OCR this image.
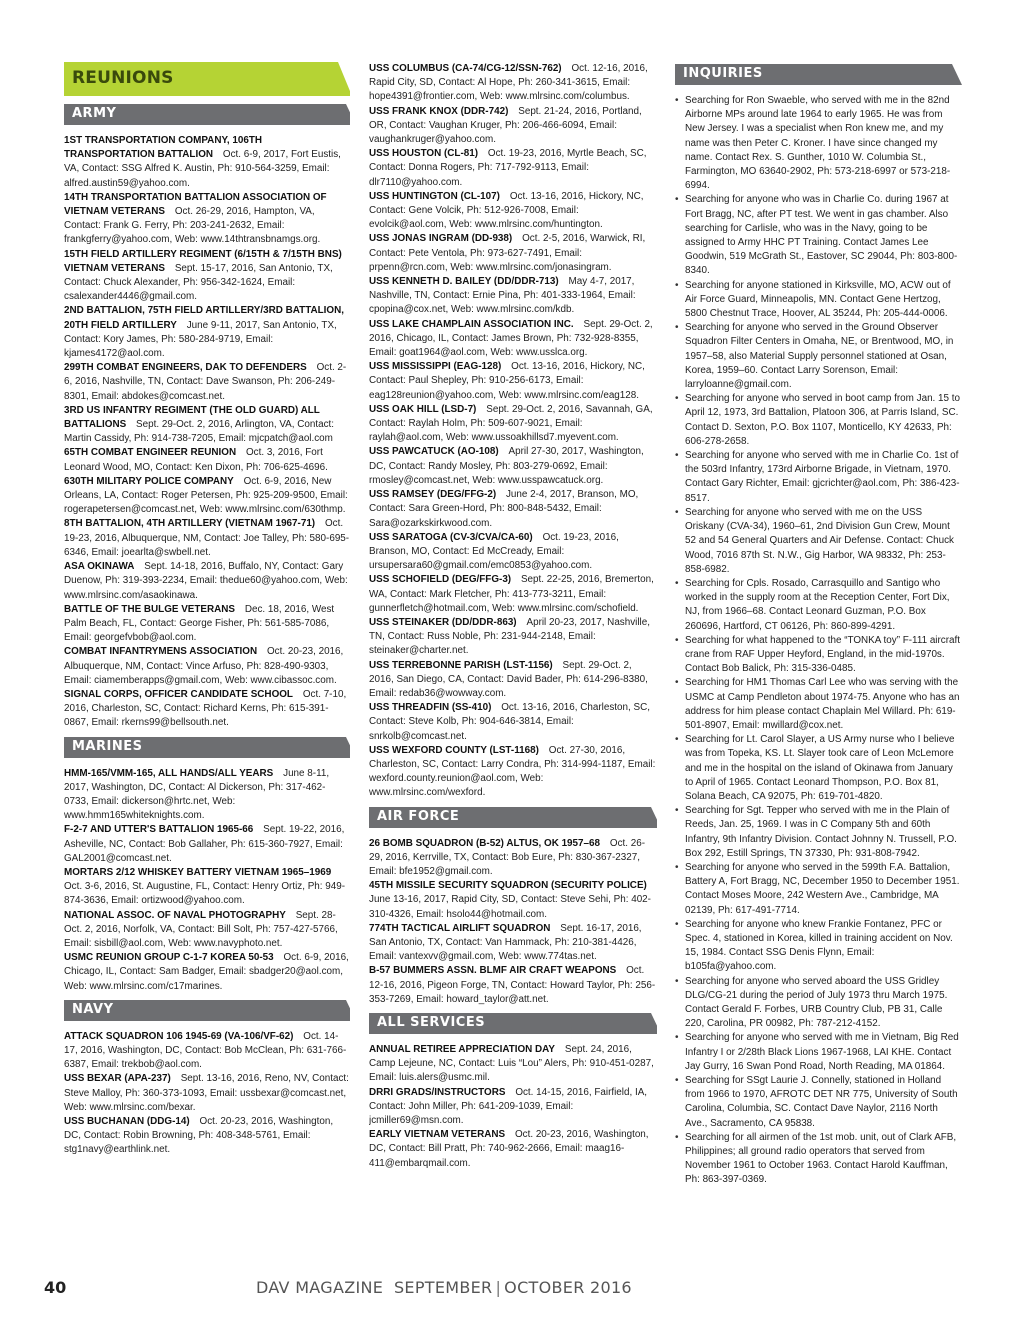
REUNIONS
ARMY

1ST TRANSPORTATION COMPANY, 106TH TRANSPORTATION BATTALION   Oct. 6-9, 2017, Fort Eustis, VA, Contact: SSG Alfred K. Austin, Ph: 910-564-3259, Email: alfred.austin59@yahoo.com.

14TH TRANSPORTATION BATTALION ASSOCIATION OF VIETNAM VETERANS   Oct. 26-29, 2016, Hampton, VA, Contact: Frank G. Ferry, Ph: 203-241-2632, Email: frankgferry@yahoo.com, Web: www.14thtransbnamgs.org.

15TH FIELD ARTILLERY REGIMENT (6/15TH & 7/15TH BNS) VIETNAM VETERANS   Sept. 15-17, 2016, San Antonio, TX, Contact: Chuck Alexander, Ph: 956-342-1624, Email: csalexander4446@gmail.com.

2ND BATTALION, 75TH FIELD ARTILLERY/3RD BATTALION, 20TH FIELD ARTILLERY   June 9-11, 2017, San Antonio, TX, Contact: Kory James, Ph: 580-284-9719, Email: kjames4172@aol.com.

299TH COMBAT ENGINEERS, DAK TO DEFENDERS   Oct. 2-6, 2016, Nashville, TN, Contact: Dave Swanson, Ph: 206-249-8301, Email: abdokes@comcast.net.

3RD US INFANTRY REGIMENT (THE OLD GUARD) ALL BATTALIONS   Sept. 29-Oct. 2, 2016, Arlington, VA, Contact: Martin Cassidy, Ph: 914-738-7205, Email: mjcpatch@aol.com

65TH COMBAT ENGINEER REUNION   Oct. 3, 2016, Fort Leonard Wood, MO, Contact: Ken Dixon, Ph: 706-625-4696.

630TH MILITARY POLICE COMPANY   Oct. 6-9, 2016, New Orleans, LA, Contact: Roger Petersen, Ph: 925-209-9500, Email: rogerapetersen@comcast.net, Web: www.mlrsinc.com/630thmp.

8TH BATTALION, 4TH ARTILLERY (VIETNAM 1967-71)   Oct. 19-23, 2016, Albuquerque, NM, Contact: Joe Talley, Ph: 580-695-6346, Email: joearlta@swbell.net.

ASA OKINAWA   Sept. 14-18, 2016, Buffalo, NY, Contact: Gary Duenow, Ph: 319-393-2234, Email: thedue60@yahoo.com, Web: www.mlrsinc.com/asaokinawa.

BATTLE OF THE BULGE VETERANS   Dec. 18, 2016, West Palm Beach, FL, Contact: George Fisher, Ph: 561-585-7086, Email: georgefvbob@aol.com.

COMBAT INFANTRYMENS ASSOCIATION   Oct. 20-23, 2016, Albuquerque, NM, Contact: Vince Arfuso, Ph: 828-490-9303, Email: ciamemberapps@gmail.com, Web: www.cibassoc.com.

SIGNAL CORPS, OFFICER CANDIDATE SCHOOL   Oct. 7-10, 2016, Charleston, SC, Contact: Richard Kerns, Ph: 615-391-0867, Email: rkerns99@bellsouth.net.

MARINES

HMM-165/VMM-165, ALL HANDS/ALL YEARS   June 8-11, 2017, Washington, DC, Contact: Al Dickerson, Ph: 317-462-0733, Email: dickerson@hrtc.net, Web: www.hmm165whiteknights.com.

F-2-7 AND UTTER'S BATTALION 1965-66   Sept. 19-22, 2016, Asheville, NC, Contact: Bob Gallaher, Ph: 615-360-7927, Email: GAL2001@comcast.net.

MORTARS 2/12 WHISKEY BATTERY VIETNAM 1965–1969  Oct. 3-6, 2016, St. Augustine, FL, Contact: Henry Ortiz, Ph: 949-874-3636, Email: ortizwood@yahoo.com.

NATIONAL ASSOC. OF NAVAL PHOTOGRAPHY   Sept. 28-Oct. 2, 2016, Norfolk, VA, Contact: Bill Solt, Ph: 757-427-5766, Email: sisbill@aol.com, Web: www.navyphoto.net.

USMC REUNION GROUP C-1-7 KOREA 50-53   Oct. 6-9, 2016, Chicago, IL, Contact: Sam Badger, Email: sbadger20@aol.com, Web: www.mlrsinc.com/c17marines.

NAVY

ATTACK SQUADRON 106 1945-69 (VA-106/VF-62)   Oct. 14-17, 2016, Washington, DC, Contact: Bob McClean, Ph: 631-766-6387, Email: trekbob@aol.com.

USS BEXAR (APA-237)   Sept. 13-16, 2016, Reno, NV, Contact: Steve Malloy, Ph: 360-373-1093, Email: ussbexar@comcast.net, Web: www.mlrsinc.com/bexar.

USS BUCHANAN (DDG-14)   Oct. 20-23, 2016, Washington, DC, Contact: Robin Browning, Ph: 408-348-5761, Email: stg1navy@earthlink.net.

USS COLUMBUS (CA-74/CG-12/SSN-762)   Oct. 12-16, 2016, Rapid City, SD, Contact: Al Hope, Ph: 260-341-3615, Email: hope4391@frontier.com, Web: www.mlrsinc.com/columbus.

USS FRANK KNOX (DDR-742)   Sept. 21-24, 2016, Portland, OR, Contact: Vaughan Kruger, Ph: 206-466-6094, Email: vaughankruger@yahoo.com.

USS HOUSTON (CL-81)   Oct. 19-23, 2016, Myrtle Beach, SC, Contact: Donna Rogers, Ph: 717-792-9113, Email: dlr7110@yahoo.com.

USS HUNTINGTON (CL-107)   Oct. 13-16, 2016, Hickory, NC, Contact: Gene Volcik, Ph: 512-926-7008, Email: evolcik@aol.com, Web: www.mlrsinc.com/huntington.

USS JONAS INGRAM (DD-938)   Oct. 2-5, 2016, Warwick, RI, Contact: Pete Ventola, Ph: 973-627-7491, Email: prpenn@rcn.com, Web: www.mlrsinc.com/jonasingram.

USS KENNETH D. BAILEY (DD/DDR-713)   May 4-7, 2017, Nashville, TN, Contact: Ernie Pina, Ph: 401-333-1964, Email: cpopina@cox.net, Web: www.mlrsinc.com/kdb.

USS LAKE CHAMPLAIN ASSOCIATION INC.   Sept. 29-Oct. 2, 2016, Chicago, IL, Contact: James Brown, Ph: 732-928-8355, Email: goat1964@aol.com, Web: www.usslca.org.

USS MISSISSIPPI (EAG-128)   Oct. 13-16, 2016, Hickory, NC, Contact: Paul Shepley, Ph: 910-256-6173, Email: eag128reunion@yahoo.com, Web: www.mlrsinc.com/eag128.

USS OAK HILL (LSD-7)   Sept. 29-Oct. 2, 2016, Savannah, GA, Contact: Raylah Holm, Ph: 509-607-9021, Email: raylah@aol.com, Web: www.ussoakhillsd7.myevent.com.

USS PAWCATUCK (AO-108)   April 27-30, 2017, Washington, DC, Contact: Randy Mosley, Ph: 803-279-0692, Email: rmosley@comcast.net, Web: www.usspawcatuck.org.

USS RAMSEY (DEG/FFG-2)   June 2-4, 2017, Branson, MO, Contact: Sara Green-Hord, Ph: 800-848-5432, Email: Sara@ozarkskirkwood.com.

USS SARATOGA (CV-3/CVA/CA-60)   Oct. 19-23, 2016, Branson, MO, Contact: Ed McCready, Email: ursupersara60@gmail.com/emc0853@yahoo.com.

USS SCHOFIELD (DEG/FFG-3)   Sept. 22-25, 2016, Bremerton, WA, Contact: Mark Fletcher, Ph: 413-773-3211, Email: gunnerfletch@hotmail.com, Web: www.mlrsinc.com/schofield.

USS STEINAKER (DD/DDR-863)   April 20-23, 2017, Nashville, TN, Contact: Russ Noble, Ph: 231-944-2148, Email: steinaker@charter.net.

USS TERREBONNE PARISH (LST-1156)   Sept. 29-Oct. 2, 2016, San Diego, CA, Contact: David Bader, Ph: 614-296-8380, Email: redab36@wowway.com.

USS THREADFIN (SS-410)   Oct. 13-16, 2016, Charleston, SC, Contact: Steve Kolb, Ph: 904-646-3814, Email: snrkolb@comcast.net.

USS WEXFORD COUNTY (LST-1168)   Oct. 27-30, 2016, Charleston, SC, Contact: Larry Condra, Ph: 314-994-1187, Email: wexford.county.reunion@aol.com, Web: www.mlrsinc.com/wexford.

AIR FORCE

26 BOMB SQUADRON (B-52) ALTUS, OK 1957–68   Oct. 26-29, 2016, Kerrville, TX, Contact: Bob Eure, Ph: 830-367-2327, Email: bfe1952@gmail.com.

45TH MISSILE SECURITY SQUADRON (SECURITY POLICE)  June 13-16, 2017, Rapid City, SD, Contact: Steve Sehi, Ph: 402-310-4326, Email: hsolo44@hotmail.com.

774TH TACTICAL AIRLIFT SQUADRON   Sept. 16-17, 2016, San Antonio, TX, Contact: Van Hammack, Ph: 210-381-4426, Email: vantexvv@gmail.com, Web: www.774tas.net.

B-57 BUMMERS ASSN. BLMF AIR CRAFT WEAPONS   Oct. 12-16, 2016, Pigeon Forge, TN, Contact: Howard Taylor, Ph: 256-353-7269, Email: howard_taylor@att.net.

ALL SERVICES

ANNUAL RETIREE APPRECIATION DAY   Sept. 24, 2016, Camp Lejeune, NC, Contact: Luis “Lou” Alers, Ph: 910-451-0287, Email: luis.alers@usmc.mil.

DRRI GRADS/INSTRUCTORS   Oct. 14-15, 2016, Fairfield, IA, Contact: John Miller, Ph: 641-209-1039, Email: jcmiller69@msn.com.

EARLY VIETNAM VETERANS   Oct. 20-23, 2016, Washington, DC, Contact: Bill Pratt, Ph: 740-962-2666, Email: maag16-411@embarqmail.com.

INQUIRIES
• Searching for Ron Swaeble, who served with me in the 82nd Airborne MPs around late 1964 to early 1965. He was from New Jersey. I was a specialist when Ron knew me, and my name was then Peter C. Kroner. I have since changed my name. Contact Rex. S. Gunther, 1010 W. Columbia St., Farmington, MO 63640-2902, Ph: 573-218-6997 or 573-218-6994.
• Searching for anyone who was in Charlie Co. during 1967 at Fort Bragg, NC, after PT test. We went in gas chamber. Also searching for Carlisle, who was in the Navy, going to be assigned to Army HHC PT Training. Contact James Lee Goodwin, 519 McGrath St., Eastover, SC 29044, Ph: 803-800-8340.
• Searching for anyone stationed in Kirksville, MO, ACW out of Air Force Guard, Minneapolis, MN. Contact Gene Hertzog, 5800 Chestnut Trace, Hoover, AL 35244, Ph: 205-444-0006.
• Searching for anyone who served in the Ground Observer Squadron Filter Centers in Omaha, NE, or Brentwood, MO, in 1957–58, also Material Supply personnel stationed at Osan, Korea, 1959–60. Contact Larry Sorenson, Email: larryloanne@gmail.com.
• Searching for anyone who served in boot camp from Jan. 15 to April 12, 1973, 3rd Battalion, Platoon 306, at Parris Island, SC. Contact D. Sexton, P.O. Box 1107, Monticello, KY 42633, Ph: 606-278-2658.
• Searching for anyone who served with me in Charlie Co. 1st of the 503rd Infantry, 173rd Airborne Brigade, in Vietnam, 1970. Contact Gary Richter, Email: gjcrichter@aol.com, Ph: 386-423-8517.
• Searching for anyone who served with me on the USS Oriskany (CVA-34), 1960–61, 2nd Division Gun Crew, Mount 52 and 54 General Quarters and Air Defense. Contact: Chuck Wood, 7016 87th St. N.W., Gig Harbor, WA 98332, Ph: 253-858-6982.
• Searching for Cpls. Rosado, Carrasquillo and Santigo who worked in the supply room at the Reception Center, Fort Dix, NJ, from 1966–68. Contact Leonard Guzman, P.O. Box 260696, Hartford, CT 06126, Ph: 860-899-4291.
• Searching for what happened to the “TONKA toy” F-111 aircraft crane from RAF Upper Heyford, England, in the mid-1970s. Contact Bob Balick, Ph: 315-336-0485.
• Searching for HM1 Thomas Carl Lee who was serving with the USMC at Camp Pendleton about 1974-75. Anyone who has an address for him please contact Chaplain Mel Willard. Ph: 619-501-8907, Email: mwillard@cox.net.
• Searching for Lt. Carol Slayer, a US Army nurse who I believe was from Topeka, KS. Lt. Slayer took care of Leon McLemore and me in the hospital on the island of Okinawa from January to April of 1965. Contact Leonard Thompson, P.O. Box 81, Solana Beach, CA 92075, Ph: 619-701-4820.
• Searching for Sgt. Tepper who served with me in the Plain of Reeds, Jan. 25, 1969. I was in C Company 5th and 60th Infantry, 9th Infantry Division. Contact Johnny N. Trussell, P.O. Box 292, Estill Springs, TN 37330, Ph: 931-808-7942.
• Searching for anyone who served in the 599th F.A. Battalion, Battery A, Fort Bragg, NC, December 1950 to December 1951. Contact Moses Moore, 242 Western Ave., Cambridge, MA 02139, Ph: 617-491-7714.
• Searching for anyone who knew Frankie Fontanez, PFC or Spec. 4, stationed in Korea, killed in training accident on Nov. 15, 1984. Contact SSG Denis Flynn, Email: b105fa@yahoo.com.
• Searching for anyone who served aboard the USS Gridley DLG/CG-21 during the period of July 1973 thru March 1975. Contact Gerald F. Forbes, URB Country Club, PB 31, Calle 220, Carolina, PR 00982, Ph: 787-212-4152.
• Searching for anyone who served with me in Vietnam, Big Red Infantry I or 2/28th Black Lions 1967-1968, LAI KHE. Contact Jay Gurry, 16 Swan Pond Road, North Reading, MA 01864.
• Searching for SSgt Laurie J. Connelly, stationed in Holland from 1966 to 1970, AFROTC DET NR 775, University of South Carolina, Columbia, SC. Contact Dave Naylor, 2116 North Ave., Sacramento, CA 95838.
• Searching for all airmen of the 1st mob. unit, out of Clark AFB, Philippines; all ground radio operators that served from November 1961 to October 1963. Contact Harold Kauffman, Ph: 863-397-0369.
40	DAV MAGAZINE SEPTEMBER | OCTOBER 2016
